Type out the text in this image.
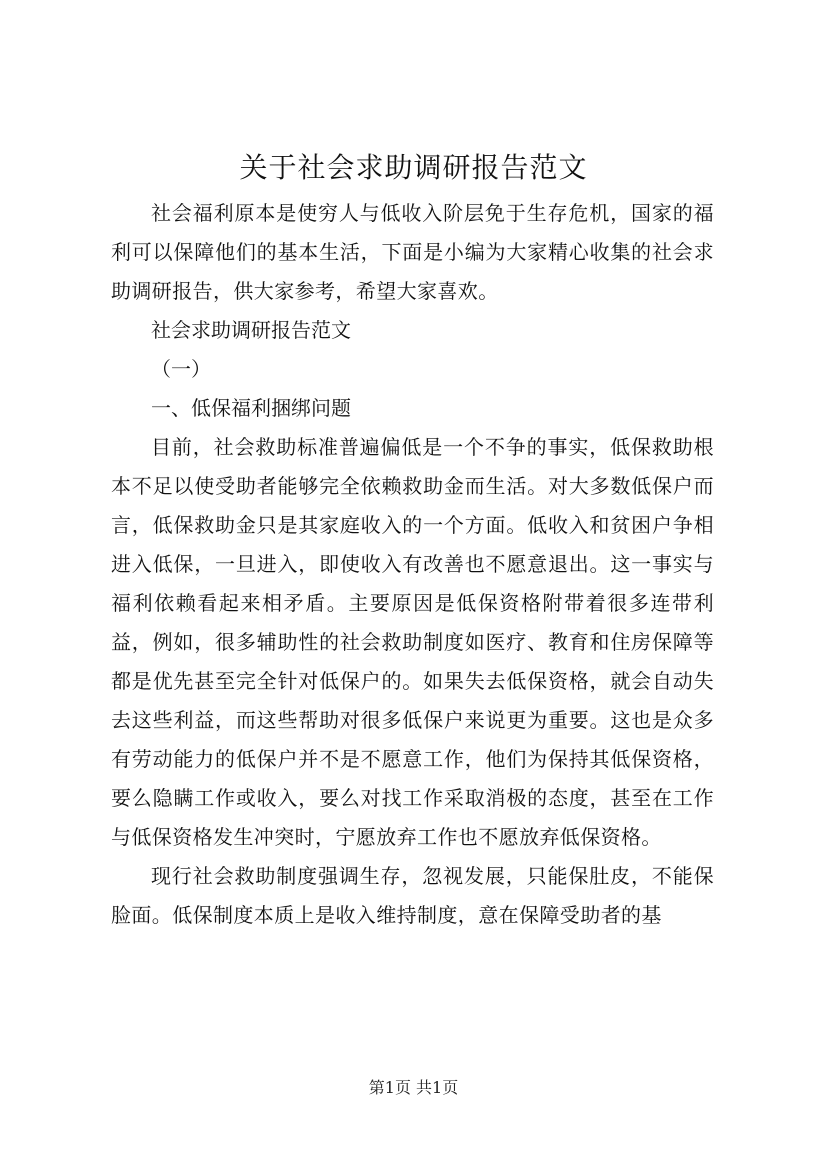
关于社会求助调研报告范文

社会福利原本是使穷人与低收入阶层免于生存危机，国家的福利可以保障他们的基本生活，下面是小编为大家精心收集的社会求助调研报告，供大家参考，希望大家喜欢。

社会求助调研报告范文

（一）

一、低保福利捆绑问题

目前，社会救助标准普遍偏低是一个不争的事实，低保救助根本不足以使受助者能够完全依赖救助金而生活。对大多数低保户而言，低保救助金只是其家庭收入的一个方面。低收入和贫困户争相进入低保，一旦进入，即使收入有改善也不愿意退出。这一事实与福利依赖看起来相矛盾。主要原因是低保资格附带着很多连带利益，例如，很多辅助性的社会救助制度如医疗、教育和住房保障等都是优先甚至完全针对低保户的。如果失去低保资格，就会自动失去这些利益，而这些帮助对很多低保户来说更为重要。这也是众多有劳动能力的低保户并不是不愿意工作，他们为保持其低保资格，要么隐瞒工作或收入，要么对找工作采取消极的态度，甚至在工作与低保资格发生冲突时，宁愿放弃工作也不愿放弃低保资格。

现行社会救助制度强调生存，忽视发展，只能保肚皮，不能保脸面。低保制度本质上是收入维持制度，意在保障受助者的基

第1页 共1页
